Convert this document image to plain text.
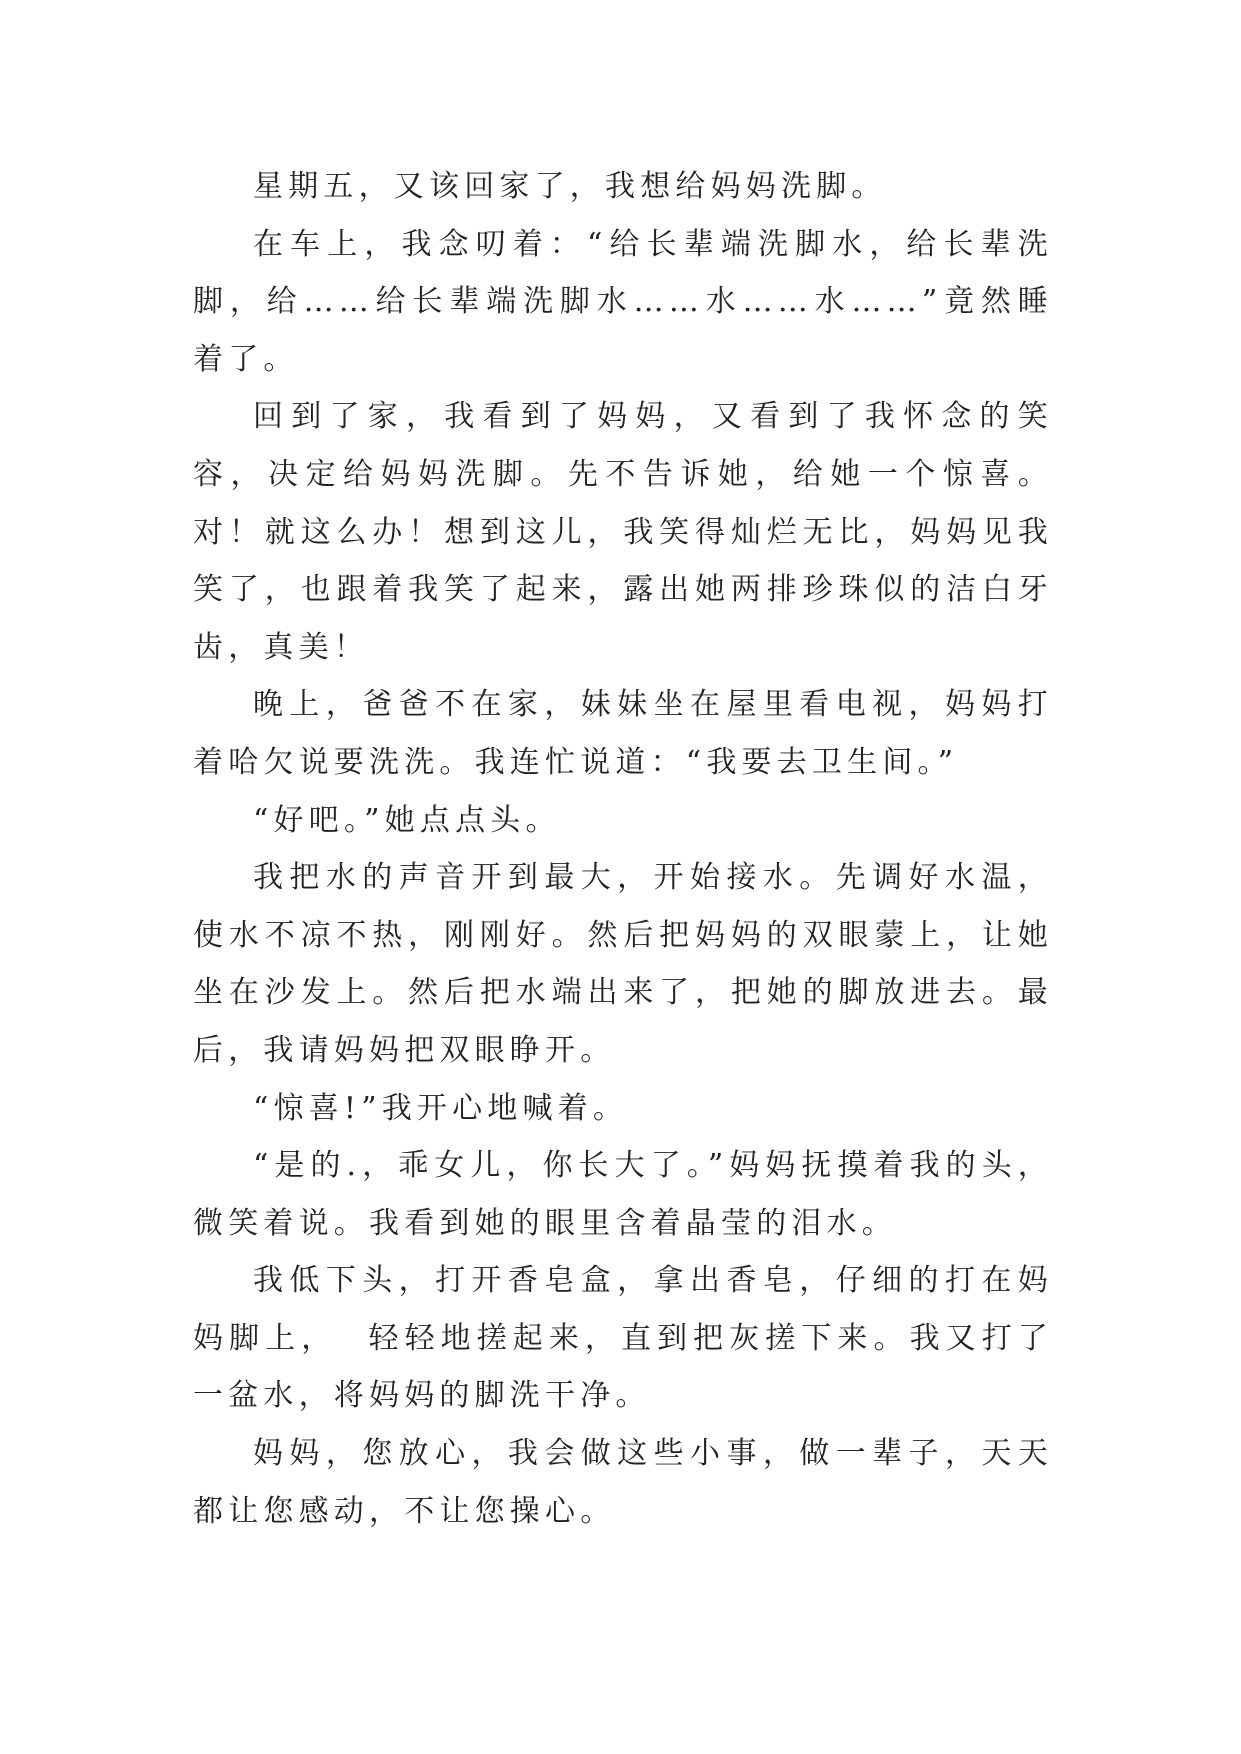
星期五，又该回家了，我想给妈妈洗脚。

在车上，我念叨着：“给长辈端洗脚水，给长辈洗脚，给……给长辈端洗脚水……水……水……”竟然睡着了。

回到了家，我看到了妈妈，又看到了我怀念的笑容，决定给妈妈洗脚。先不告诉她，给她一个惊喜。对！就这么办！想到这儿，我笑得灿烂无比，妈妈见我笑了，也跟着我笑了起来，露出她两排珍珠似的洁白牙齿，真美！

晚上，爸爸不在家，妹妹坐在屋里看电视，妈妈打着哈欠说要洗洗。我连忙说道：“我要去卫生间。”

“好吧。”她点点头。

我把水的声音开到最大，开始接水。先调好水温，使水不凉不热，刚刚好。然后把妈妈的双眼蒙上，让她坐在沙发上。然后把水端出来了，把她的脚放进去。最后，我请妈妈把双眼睁开。

“惊喜!”我开心地喊着。

“是的.，乖女儿，你长大了。”妈妈抚摸着我的头，微笑着说。我看到她的眼里含着晶莹的泪水。

我低下头，打开香皂盒，拿出香皂，仔细的打在妈妈脚上，  轻轻地搓起来，直到把灰搓下来。我又打了一盆水，将妈妈的脚洗干净。

妈妈，您放心，我会做这些小事，做一辈子，天天都让您感动，不让您操心。
